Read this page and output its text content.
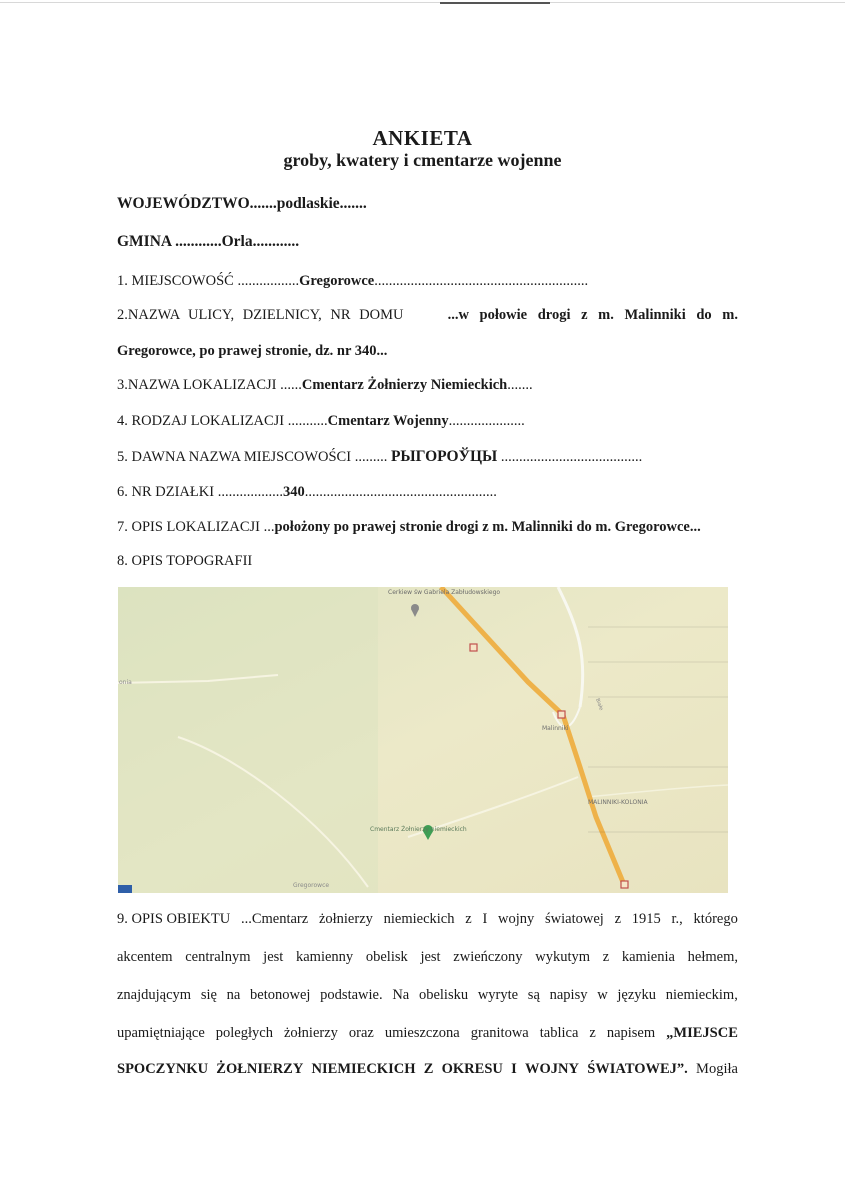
ANKIETA
groby, kwatery i cmentarze wojenne
WOJEWÓDZTWO.......podlaskie.......
GMINA ............Orla............
1. MIEJSCOWOŚĆ .................Gregorowce...........................................................
2.NAZWA ULICY, DZIELNICY, NR DOMU	...w połowie drogi z m. Malinniki do m.
Gregorowce, po prawej stronie, dz. nr 340...
3.NAZWA LOKALIZACJI ......Cmentarz Żołnierzy Niemieckich.......
4. RODZAJ LOKALIZACJI ...........Cmentarz Wojenny.....................
5. DAWNA NAZWA MIEJSCOWOŚCI ......... РЫГОРОЎЦЫ .......................................
6. NR DZIAŁKI ..................340.....................................................
7. OPIS LOKALIZACJI ...położony po prawej stronie drogi z m. Malinniki do m. Gregorowce...
8. OPIS TOPOGRAFII
Cerkiew św Gabriela Zabłudowskiego
Malinniki
MALINNIKI-KOLONIA
Cmentarz Żołnierzy niemieckich
Gregorowce
onia
Białe
9. OPIS OBIEKTU ...Cmentarz żołnierzy niemieckich z I wojny światowej z 1915 r., którego
akcentem centralnym jest kamienny obelisk jest zwieńczony wykutym z kamienia hełmem,
znajdującym się na betonowej podstawie. Na obelisku wyryte są napisy w języku niemieckim,
upamiętniające poległych żołnierzy oraz umieszczona granitowa tablica z napisem „MIEJSCE
SPOCZYNKU ŻOŁNIERZY NIEMIECKICH Z OKRESU I WOJNY ŚWIATOWEJ”. Mogiła
